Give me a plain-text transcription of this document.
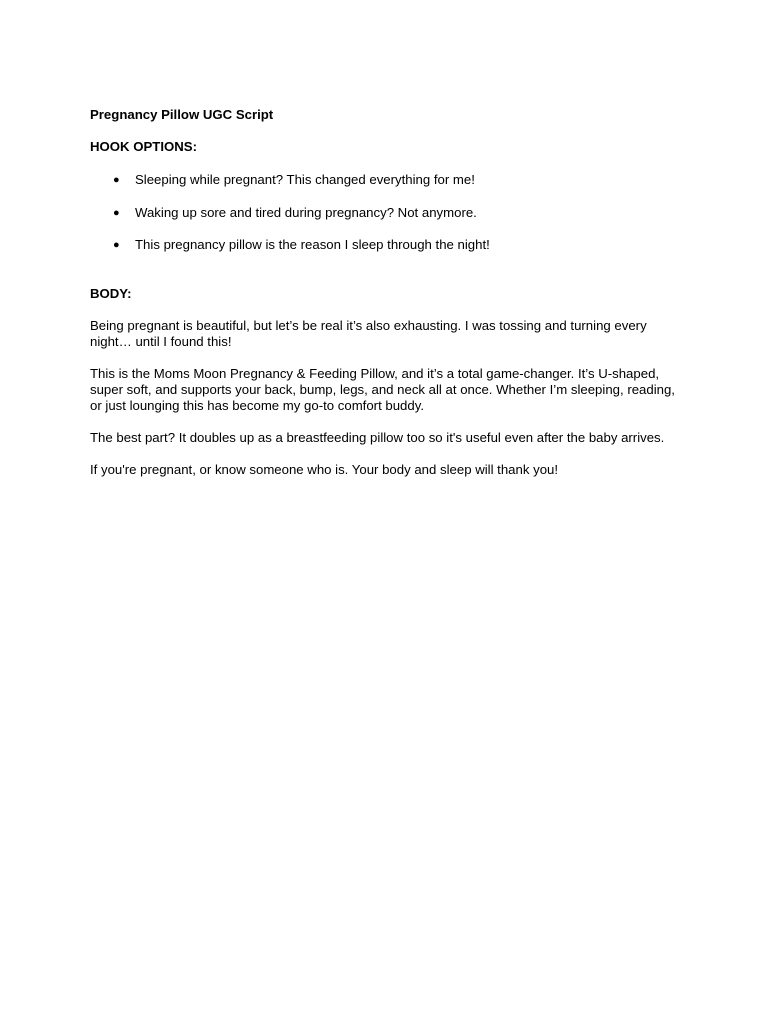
Pregnancy Pillow UGC Script

HOOK OPTIONS:

● Sleeping while pregnant? This changed everything for me!
● Waking up sore and tired during pregnancy? Not anymore.
● This pregnancy pillow is the reason I sleep through the night!

BODY:

Being pregnant is beautiful, but let’s be real it’s also exhausting. I was tossing and turning every night… until I found this!

This is the Moms Moon Pregnancy & Feeding Pillow, and it’s a total game-changer. It’s U-shaped, super soft, and supports your back, bump, legs, and neck all at once. Whether I’m sleeping, reading, or just lounging this has become my go-to comfort buddy.

The best part? It doubles up as a breastfeeding pillow too so it's useful even after the baby arrives.

If you're pregnant, or know someone who is. Your body and sleep will thank you!
